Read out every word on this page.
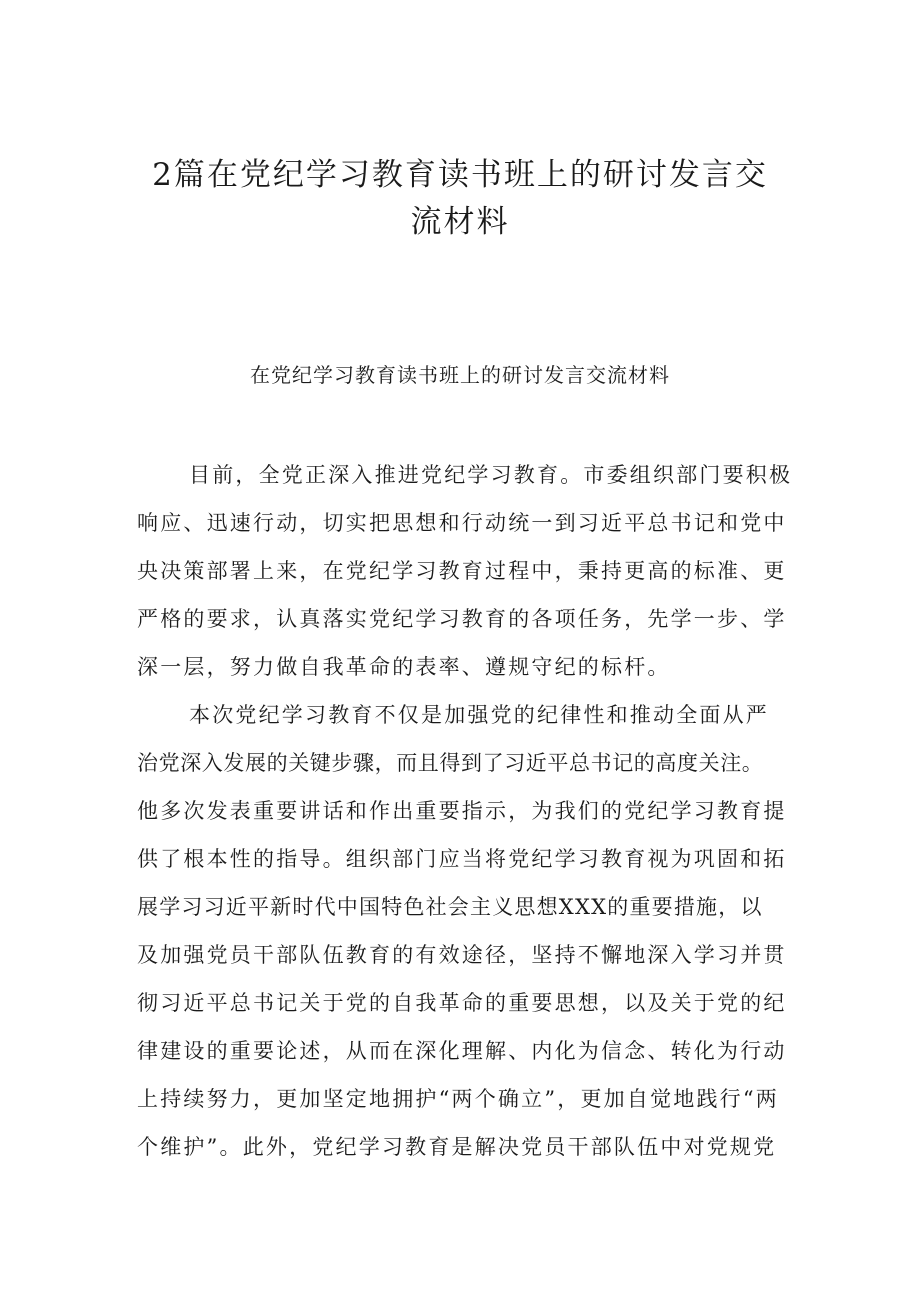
2篇在党纪学习教育读书班上的研讨发言交
流材料
在党纪学习教育读书班上的研讨发言交流材料
目前，全党正深入推进党纪学习教育。市委组织部门要积极
响应、迅速行动，切实把思想和行动统一到习近平总书记和党中
央决策部署上来，在党纪学习教育过程中，秉持更高的标准、更
严格的要求，认真落实党纪学习教育的各项任务，先学一步、学
深一层，努力做自我革命的表率、遵规守纪的标杆。
本次党纪学习教育不仅是加强党的纪律性和推动全面从严
治党深入发展的关键步骤，而且得到了习近平总书记的高度关注。
他多次发表重要讲话和作出重要指示，为我们的党纪学习教育提
供了根本性的指导。组织部门应当将党纪学习教育视为巩固和拓
展学习习近平新时代中国特色社会主义思想XXX的重要措施，以
及加强党员干部队伍教育的有效途径，坚持不懈地深入学习并贯
彻习近平总书记关于党的自我革命的重要思想，以及关于党的纪
律建设的重要论述，从而在深化理解、内化为信念、转化为行动
上持续努力，更加坚定地拥护“两个确立”，更加自觉地践行“两
个维护”。此外，党纪学习教育是解决党员干部队伍中对党规党
